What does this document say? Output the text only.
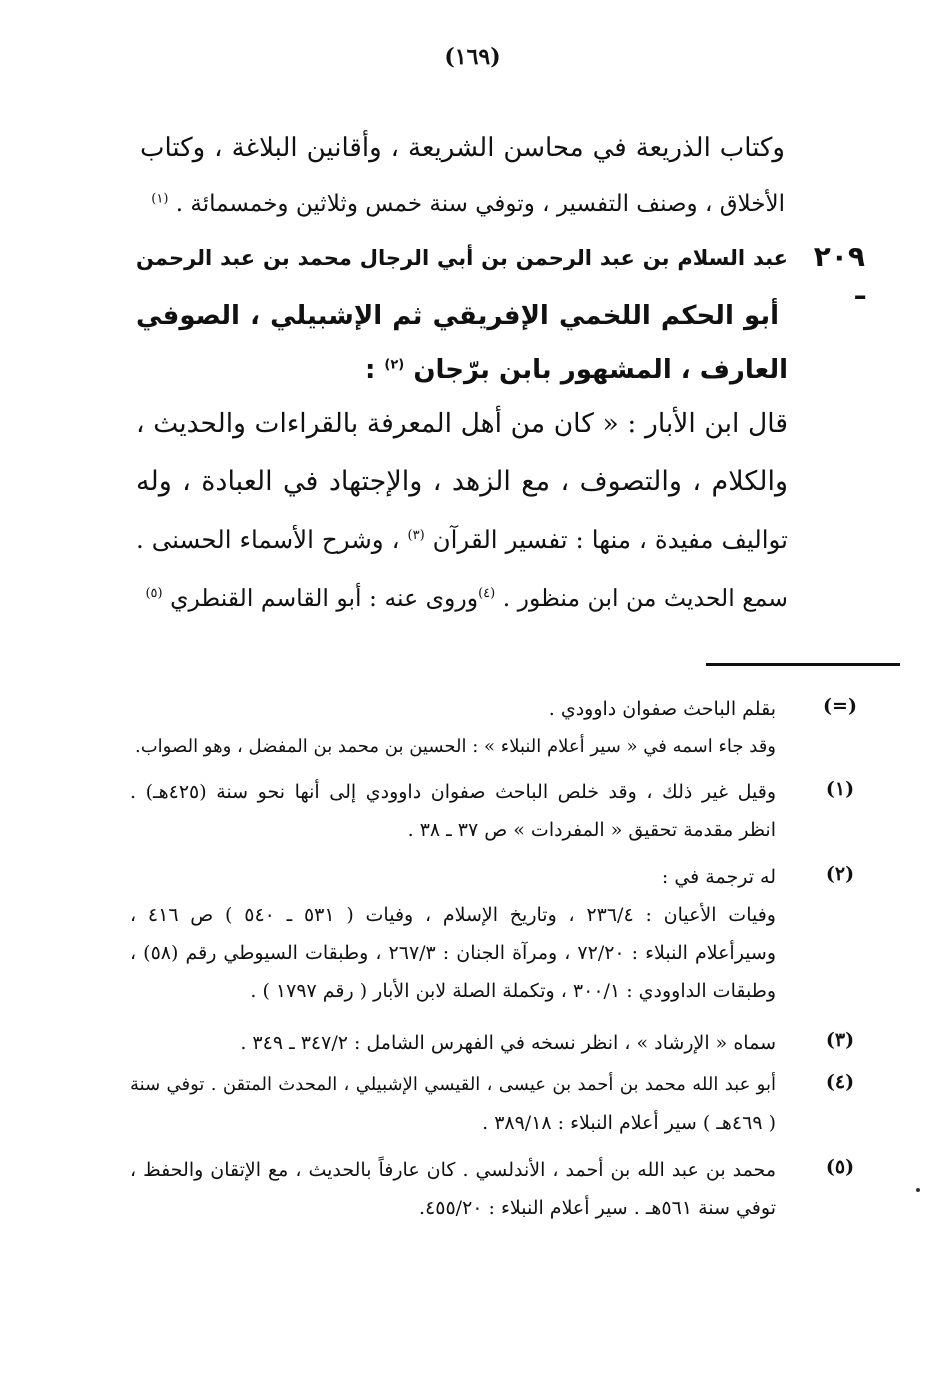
(١٦٩)
وكتاب الذريعة في محاسن الشريعة ، وأقانين البلاغة ، وكتاب
الأخلاق ، وصنف التفسير ، وتوفي سنة خمس وثلاثين وخمسمائة . $^{(١)}$
٢٠٩ ـ
عبد السلام بن عبد الرحمن بن أبي الرجال محمد بن عبد الرحمن
أبو الحكم اللخمي الإفريقي ثم الإشبيلي ، الصوفي
العارف ، المشهور بابن برّجان $^{(٢)}$ :
قال ابن الأبار : « كان من أهل المعرفة بالقراءات والحديث ،
والكلام ، والتصوف ، مع الزهد ، والإجتهاد في العبادة ، وله
تواليف مفيدة ، منها : تفسير القرآن $^{(٣)}$ ، وشرح الأسماء الحسنى .
سمع الحديث من ابن منظور . $^{(٤)}$وروى عنه : أبو القاسم القنطري $^{(٥)}$
(=)
بقلم الباحث صفوان داوودي .
وقد جاء اسمه في « سير أعلام النبلاء » : الحسين بن محمد بن المفضل ، وهو الصواب.
(١)
وقيل غير ذلك ، وقد خلص الباحث صفوان داوودي إلى أنها نحو سنة (٤٢٥هـ) .
انظر مقدمة تحقيق « المفردات » ص ٣٧ ـ ٣٨ .
(٢)
له ترجمة في :
وفيات الأعيان : ٢٣٦/٤ ، وتاريخ الإسلام ، وفيات ( ٥٣١ ـ ٥٤٠ ) ص ٤١٦ ،
وسيرأعلام النبلاء : ٧٢/٢٠ ، ومرآة الجنان : ٢٦٧/٣ ، وطبقات السيوطي رقم (٥٨) ،
وطبقات الداوودي : ٣٠٠/١ ، وتكملة الصلة لابن الأبار ( رقم ١٧٩٧ ) .
(٣)
سماه « الإرشاد » ، انظر نسخه في الفهرس الشامل : ٣٤٧/٢ ـ ٣٤٩ .
(٤)
أبو عبد الله محمد بن أحمد بن عيسى ، القيسي الإشبيلي ، المحدث المتقن . توفي سنة
( ٤٦٩هـ ) سير أعلام النبلاء : ٣٨٩/١٨ .
(٥)
محمد بن عبد الله بن أحمد ، الأندلسي . كان عارفاً بالحديث ، مع الإتقان والحفظ ،
توفي سنة ٥٦١هـ . سير أعلام النبلاء : ٤٥٥/٢٠.
